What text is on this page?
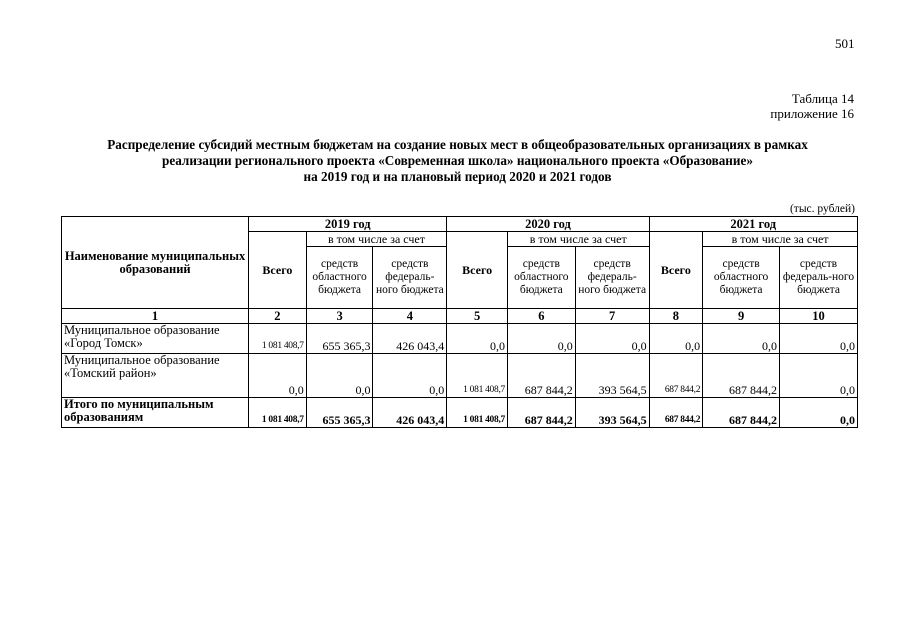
501
Таблица 14
приложение 16
Распределение субсидий местным бюджетам на создание новых мест в общеобразовательных организациях в рамках
реализации регионального проекта «Современная школа» национального проекта «Образование»
на 2019 год и на плановый период 2020 и 2021 годов
(тыс. рублей)
Наименование муниципальных образований	2019 год			2020 год			2021 год		
	Всего	в том числе за счет		Всего	в том числе за счет		Всего	в том числе за счет	
		средств областного бюджета	средств федераль-ного бюджета		средств областного бюджета	средств федераль-ного бюджета		средств областного бюджета	средств федераль-ного бюджета
1	2	3	4	5	6	7	8	9	10
Муниципальное образование «Город Томск»	1 081 408,7	655 365,3	426 043,4	0,0	0,0	0,0	0,0	0,0	0,0
Муниципальное образование «Томский район»	0,0	0,0	0,0	1 081 408,7	687 844,2	393 564,5	687 844,2	687 844,2	0,0
Итого по муниципальным образованиям	1 081 408,7	655 365,3	426 043,4	1 081 408,7	687 844,2	393 564,5	687 844,2	687 844,2	0,0
